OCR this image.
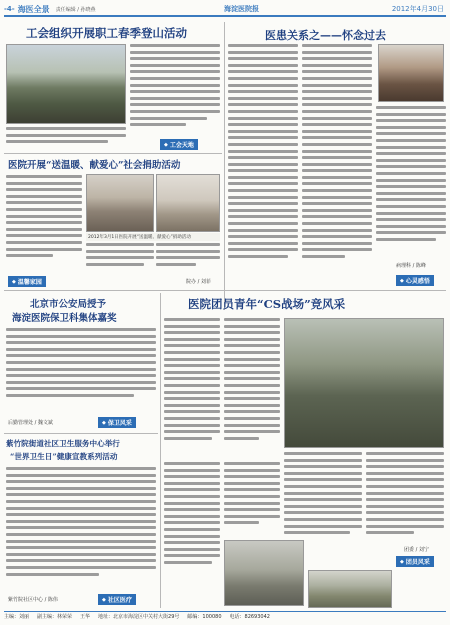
-4- 海医全景 责任编辑 / 孙晓燕	海淀医院报	2012年4月30日
工会组织开展职工春季登山活动
◆ 工会天地
医患关系之——怀念过去
病理科 / 陈峰
◆ 心灵感悟
医院开展“送温暖、献爱心”社会捐助活动
2012年3月1日医院开展“送温暖、献爱心”捐助活动
◆ 温馨家园	院办 / 刘菲
北京市公安局授予
海淀医院保卫科集体嘉奖
后勤管理处 / 魏文斌	◆ 保卫风采
紫竹院街道社区卫生服务中心举行
“世界卫生日”健康宣教系列活动
紫竹院社区中心 / 陈伟	◆ 社区医疗
医院团员青年“CS战场”竞风采
团委 / 刘宁
◆ 团员风采
主编：刘丽 副主编：林荣荣 王华 地址：北京市海淀区中关村大街29号 邮编：100080 电话：82693042
